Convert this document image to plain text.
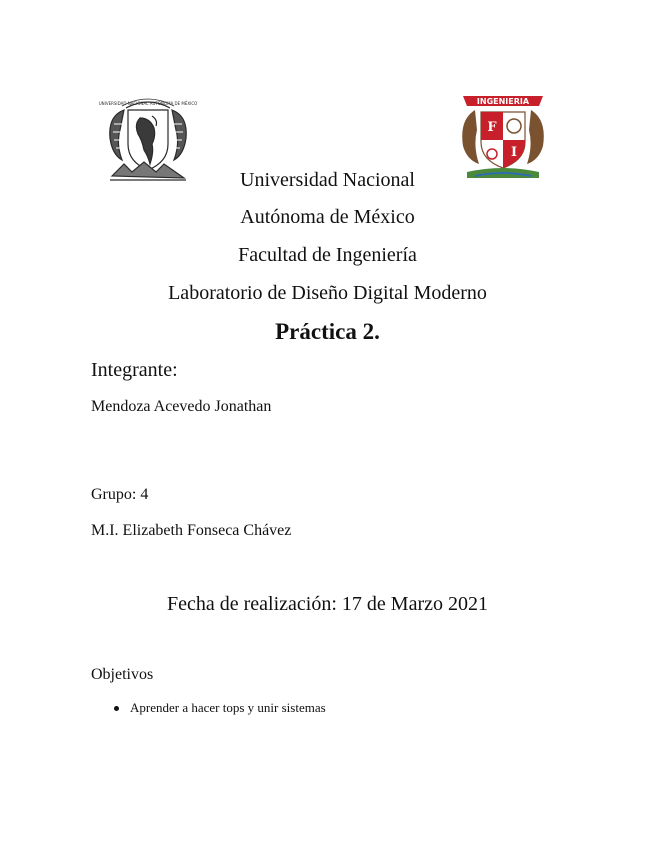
UNIVERSIDAD NACIONAL AUTÓNOMA DE MÉXICO	INGENIERIA
F
I
Universidad Nacional
Autónoma de México
Facultad de Ingeniería
Laboratorio de Diseño Digital Moderno
Práctica 2.
Integrante:
Mendoza Acevedo Jonathan
Grupo: 4
M.I. Elizabeth Fonseca Chávez
Fecha de realización: 17 de Marzo 2021
Objetivos
Aprender a hacer tops y unir sistemas
